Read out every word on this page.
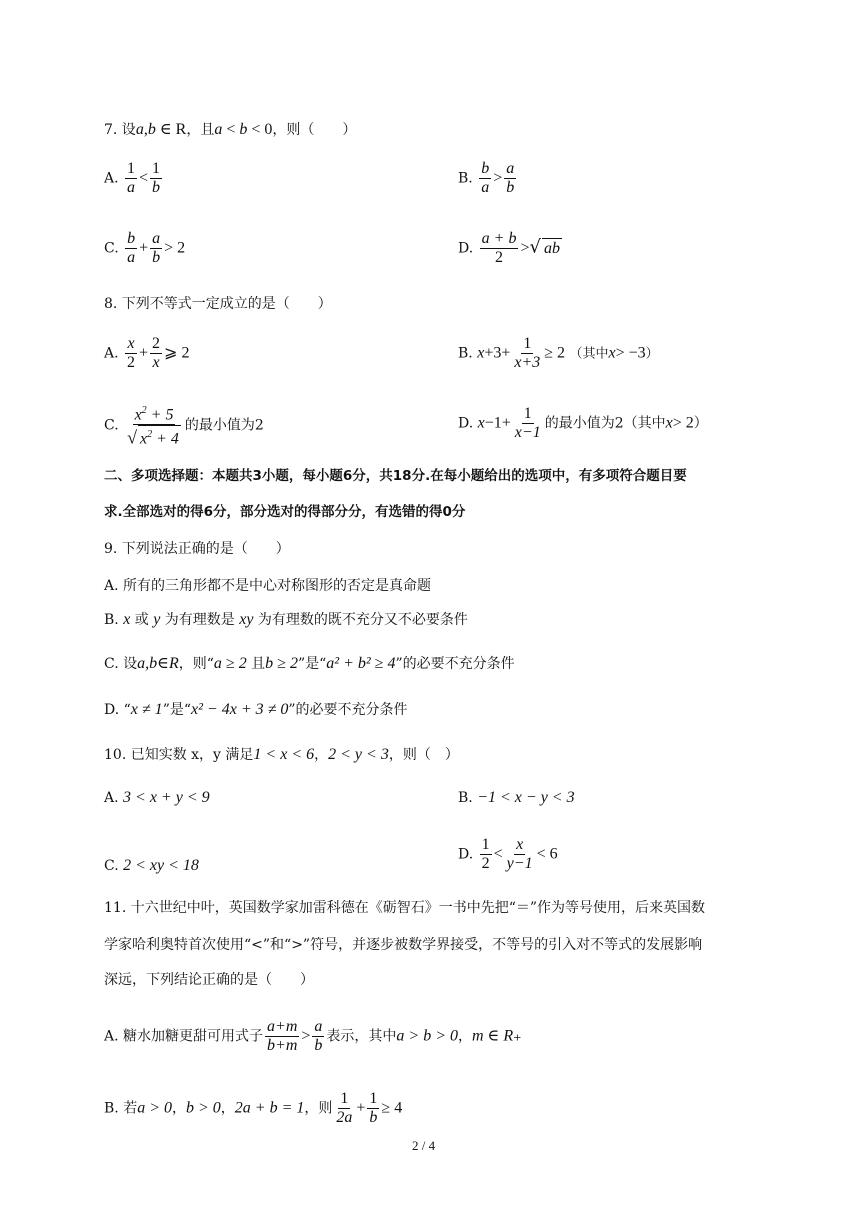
7. 设a,b ∈ R，且a < b < 0，则（　　）
A. $\frac{1}{a} < \frac{1}{b}$	B. $\frac{b}{a} > \frac{a}{b}$
C. $\frac{b}{a} + \frac{a}{b} > 2$	D. $\frac{a + b}{2}$ >√ ab
8. 下列不等式一定成立的是（　　）
A. $\frac{x}{2} + \frac{2}{x}$ ⩾ 2	B. $x+3+ \frac{1}{x+3} \ge 2$ （其中x> −3）
C. $\frac{x^2 + 5}{√ x^2 + 4}$ 的最小值为2	D. $x-1+ \frac{1}{x-1}$ 的最小值为2（其中x> 2）
二、多项选择题：本题共3小题，每小题6分，共18分.在每小题给出的选项中，有多项符合题目要
求.全部选对的得6分，部分选对的得部分分，有选错的得0分
9. 下列说法正确的是（　　）
A. 所有的三角形都不是中心对称图形的否定是真命题
B. x 或 y 为有理数是 xy 为有理数的既不充分又不必要条件
C. 设a,b∈R，则“a ≥ 2 且b ≥ 2”是“a² + b² ≥ 4”的必要不充分条件
D. “x ≠ 1”是“x² − 4x + 3 ≠ 0”的必要不充分条件
10. 已知实数 x，y 满足1 < x < 6，2 < y < 3，则（　）
A. 3 < x + y < 9	B. −1 < x − y < 3
C. 2 < xy < 18
D. $\frac{1}{2} < \frac{x}{y-1} < 6$
11. 十六世纪中叶，英国数学家加雷科德在《砺智石》一书中先把“＝”作为等号使用，后来英国数
学家哈利奥特首次使用“<”和“>”符号，并逐步被数学界接受，不等号的引入对不等式的发展影响
深远，下列结论正确的是（　　）
A. 糖水加糖更甜可用式子 $\frac{a+m}{b+m} > \frac{a}{b}$ 表示，其中a > b > 0，m ∈ R₊
B. 若a > 0，b > 0，2a + b = 1，则 $\frac{1}{2a} + \frac{1}{b} \ge 4$
2 / 4
